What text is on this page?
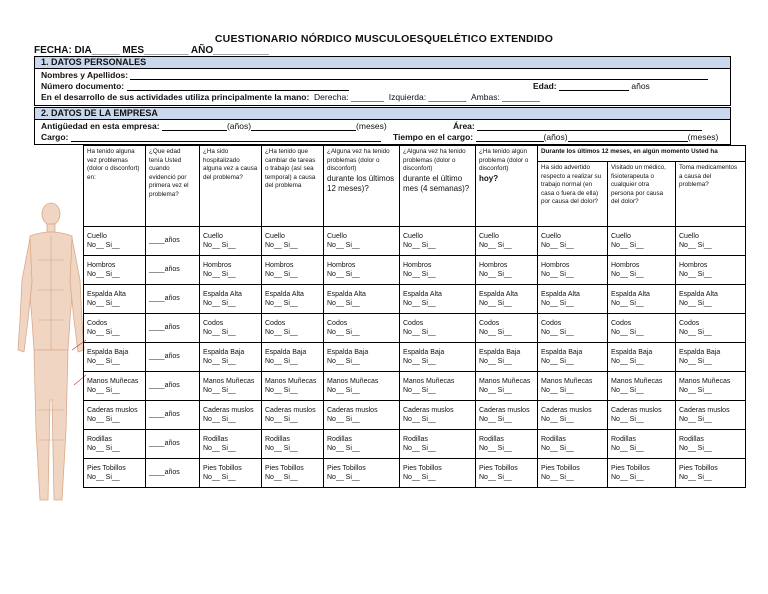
CUESTIONARIO NÓRDICO MUSCULOESQUELÉTICO EXTENDIDO
FECHA: DIA_____ MES________ AÑO__________
1. DATOS PERSONALES
Nombres y Apellidos:
Número documento:	Edad:	años
En el desarrollo de sus actividades utiliza principalmente la mano: Derecha: _______ Izquierda: ________ Ambas: ________
2. DATOS DE LA EMPRESA
Antigüedad en esta empresa:	(años)	(meses)	Área:
Cargo:	Tiempo en el cargo:	(años)	(meses)
Ha tenido alguna vez problemas (dolor o disconfort) en:	¿Que edad tenía Usted cuando evidenció por primera vez el problema?	¿Ha sido hospitalizado alguna vez a causa del problema?	¿Ha tenido que cambiar de tareas o trabajo (así sea temporal) a causa del problema	¿Alguna vez ha tenido problemas (dolor o disconfort)
durante los últimos 12 meses)?	¿Alguna vez ha tenido problemas (dolor o disconfort)
durante el último mes (4 semanas)?	¿Ha tenido algún problema (dolor o disconfort)
hoy?	Durante los últimos 12 meses, en algún momento Usted ha		
							Ha sido advertido respecto a realizar su trabajo normal (en casa o fuera de ella) por causa del dolor?	Visitado un médico, fisioterapeuta o cualquier otra persona por causa del dolor?	Toma medicamentos a causa del problema?
Cuello
No__ Si__	____años	Cuello
No__ Si__	Cuello
No__ Si__	Cuello
No__ Si__	Cuello
No__ Si__	Cuello
No__ Si__	Cuello
No__ Si__	Cuello
No__ Si__	Cuello
No__ Si__
Hombros
No__ Si__	____años	Hombros
No__ Si__	Hombros
No__ Si__	Hombros
No__ Si__	Hombros
No__ Si__	Hombros
No__ Si__	Hombros
No__ Si__	Hombros
No__ Si__	Hombros
No__ Si__
Espalda Alta
No__ Si__	____años	Espalda Alta
No__ Si__	Espalda Alta
No__ Si__	Espalda Alta
No__ Si__	Espalda Alta
No__ Si__	Espalda Alta
No__ Si__	Espalda Alta
No__ Si__	Espalda Alta
No__ Si__	Espalda Alta
No__ Si__
Codos
No__ Si__	____años	Codos
No__ Si__	Codos
No__ Si__	Codos
No__ Si__	Codos
No__ Si__	Codos
No__ Si__	Codos
No__ Si__	Codos
No__ Si__	Codos
No__ Si__
Espalda Baja
No__ Si__	____años	Espalda Baja
No__ Si__	Espalda Baja
No__ Si__	Espalda Baja
No__ Si__	Espalda Baja
No__ Si__	Espalda Baja
No__ Si__	Espalda Baja
No__ Si__	Espalda Baja
No__ Si__	Espalda Baja
No__ Si__
Manos Muñecas
No__ Si__	____años	Manos Muñecas
No__ Si__	Manos Muñecas
No__ Si__	Manos Muñecas
No__ Si__	Manos Muñecas
No__ Si__	Manos Muñecas
No__ Si__	Manos Muñecas
No__ Si__	Manos Muñecas
No__ Si__	Manos Muñecas
No__ Si__
Caderas muslos
No__ Si__	____años	Caderas muslos
No__ Si__	Caderas muslos
No__ Si__	Caderas muslos
No__ Si__	Caderas muslos
No__ Si__	Caderas muslos
No__ Si__	Caderas muslos
No__ Si__	Caderas muslos
No__ Si__	Caderas muslos
No__ Si__
Rodillas
No__ Si__	____años	Rodillas
No__ Si__	Rodillas
No__ Si__	Rodillas
No__ Si__	Rodillas
No__ Si__	Rodillas
No__ Si__	Rodillas
No__ Si__	Rodillas
No__ Si__	Rodillas
No__ Si__
Pies Tobillos
No__ Si__	____años	Pies Tobillos
No__ Si__	Pies Tobillos
No__ Si__	Pies Tobillos
No__ Si__	Pies Tobillos
No__ Si__	Pies Tobillos
No__ Si__	Pies Tobillos
No__ Si__	Pies Tobillos
No__ Si__	Pies Tobillos
No__ Si__
